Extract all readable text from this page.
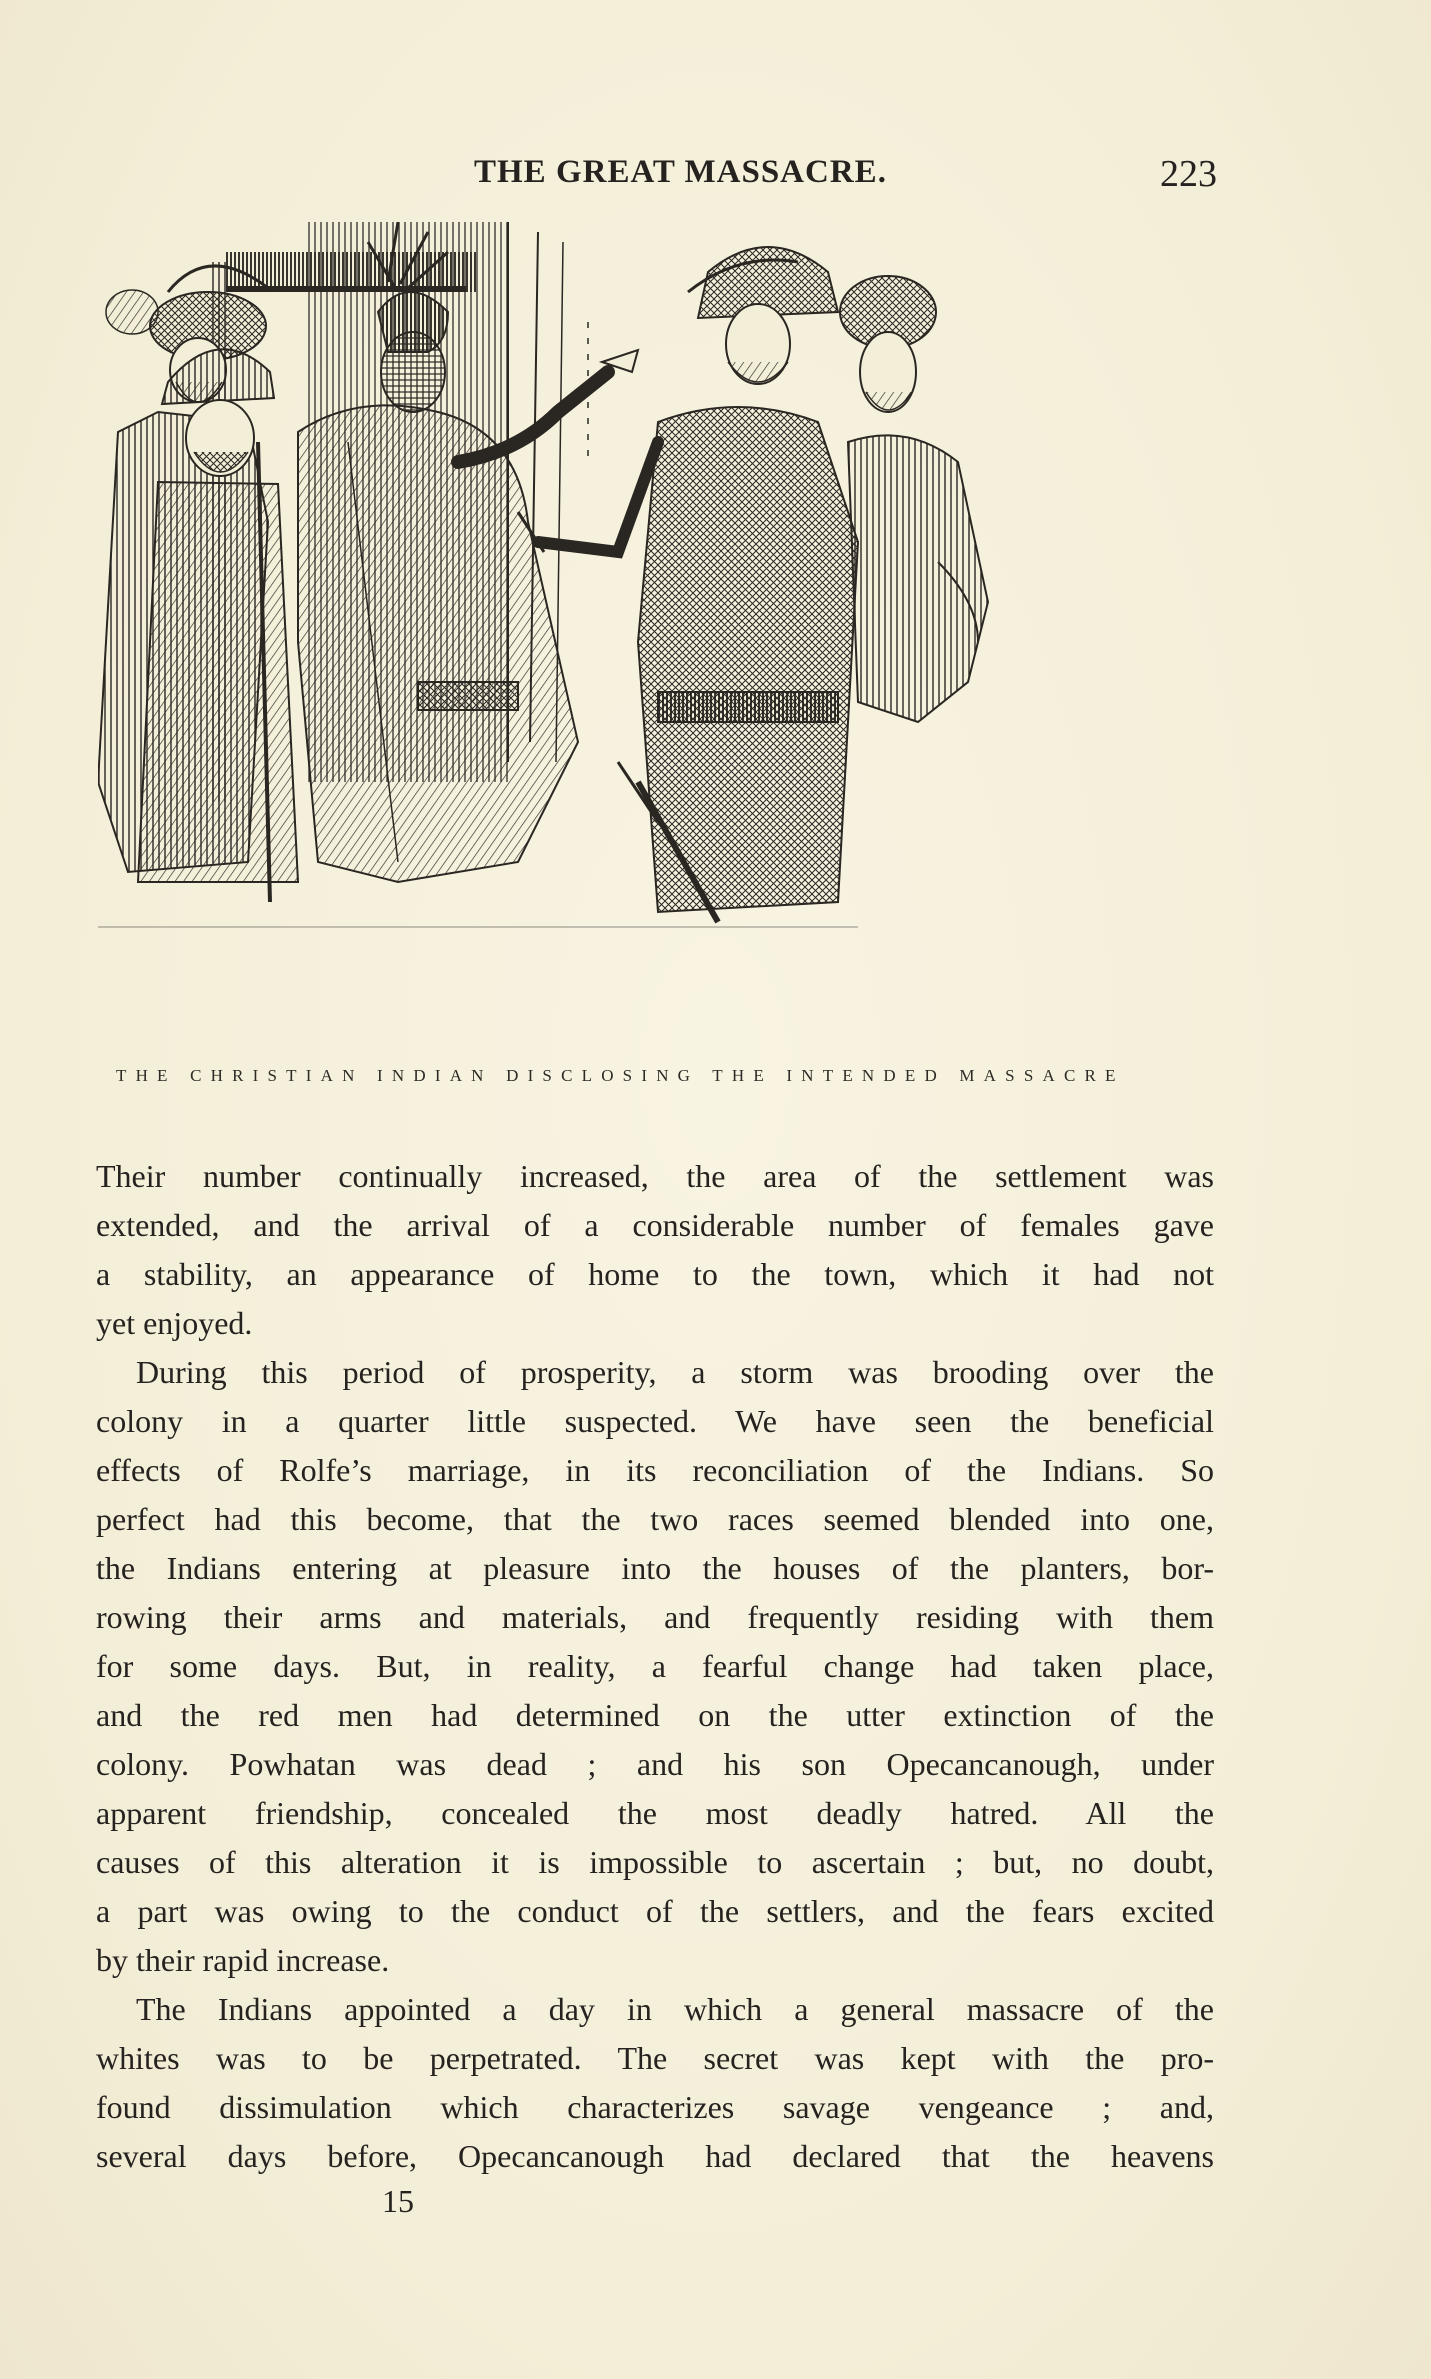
THE GREAT MASSACRE.	223
THE CHRISTIAN INDIAN DISCLOSING THE INTENDED MASSACRE
Their number continually increased, the area of the settlement was
extended, and the arrival of a considerable number of females gave
a stability, an appearance of home to the town, which it had not
yet enjoyed.
During this period of prosperity, a storm was brooding over the
colony in a quarter little suspected. We have seen the beneficial
effects of Rolfe’s marriage, in its reconciliation of the Indians. So
perfect had this become, that the two races seemed blended into one,
the Indians entering at pleasure into the houses of the planters, bor-
rowing their arms and materials, and frequently residing with them
for some days. But, in reality, a fearful change had taken place,
and the red men had determined on the utter extinction of the
colony. Powhatan was dead ; and his son Opecancanough, under
apparent friendship, concealed the most deadly hatred. All the
causes of this alteration it is impossible to ascertain ; but, no doubt,
a part was owing to the conduct of the settlers, and the fears excited
by their rapid increase.
The Indians appointed a day in which a general massacre of the
whites was to be perpetrated. The secret was kept with the pro-
found dissimulation which characterizes savage vengeance ; and,
several days before, Opecancanough had declared that the heavens
15
